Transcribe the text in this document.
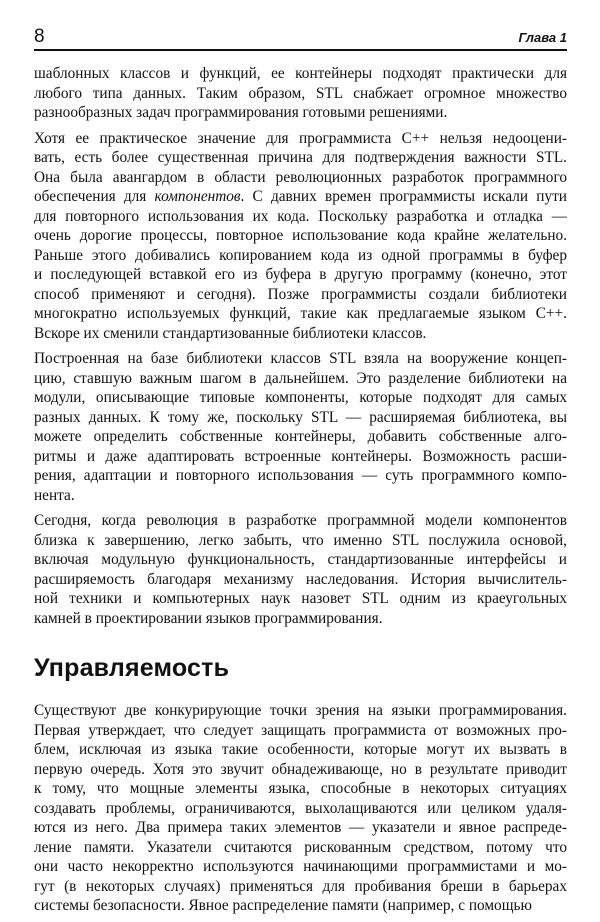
8	Глава 1
шаблонных классов и функций, ее контейнеры подходят практически для
любого типа данных. Таким образом, STL снабжает огромное множество
разнообразных задач программирования готовыми решениями.
Хотя ее практическое значение для программиста С++ нельзя недооцени-
вать, есть более существенная причина для подтверждения важности STL.
Она была авангардом в области революционных разработок программного
обеспечения для компонентов. С давних времен программисты искали пути
для повторного использования их кода. Поскольку разработка и отладка —
очень дорогие процессы, повторное использование кода крайне желательно.
Раньше этого добивались копированием кода из одной программы в буфер
и последующей вставкой его из буфера в другую программу (конечно, этот
способ применяют и сегодня). Позже программисты создали библиотеки
многократно используемых функций, такие как предлагаемые языком С++.
Вскоре их сменили стандартизованные библиотеки классов.
Построенная на базе библиотеки классов STL взяла на вооружение концеп-
цию, ставшую важным шагом в дальнейшем. Это разделение библиотеки на
модули, описывающие типовые компоненты, которые подходят для самых
разных данных. К тому же, поскольку STL — расширяемая библиотека, вы
можете определить собственные контейнеры, добавить собственные алго-
ритмы и даже адаптировать встроенные контейнеры. Возможность расши-
рения, адаптации и повторного использования — суть программного компо-
нента.
Сегодня, когда революция в разработке программной модели компонентов
близка к завершению, легко забыть, что именно STL послужила основой,
включая модульную функциональность, стандартизованные интерфейсы и
расширяемость благодаря механизму наследования. История вычислитель-
ной техники и компьютерных наук назовет STL одним из краеугольных
камней в проектировании языков программирования.
Управляемость
Существуют две конкурирующие точки зрения на языки программирования.
Первая утверждает, что следует защищать программиста от возможных про-
блем, исключая из языка такие особенности, которые могут их вызвать в
первую очередь. Хотя это звучит обнадеживающе, но в результате приводит
к тому, что мощные элементы языка, способные в некоторых ситуациях
создавать проблемы, ограничиваются, выхолащиваются или целиком удаля-
ются из него. Два примера таких элементов — указатели и явное распреде-
ление памяти. Указатели считаются рискованным средством, потому что
они часто некорректно используются начинающими программистами и мо-
гут (в некоторых случаях) применяться для пробивания бреши в барьерах
системы безопасности. Явное распределение памяти (например, с помощью
